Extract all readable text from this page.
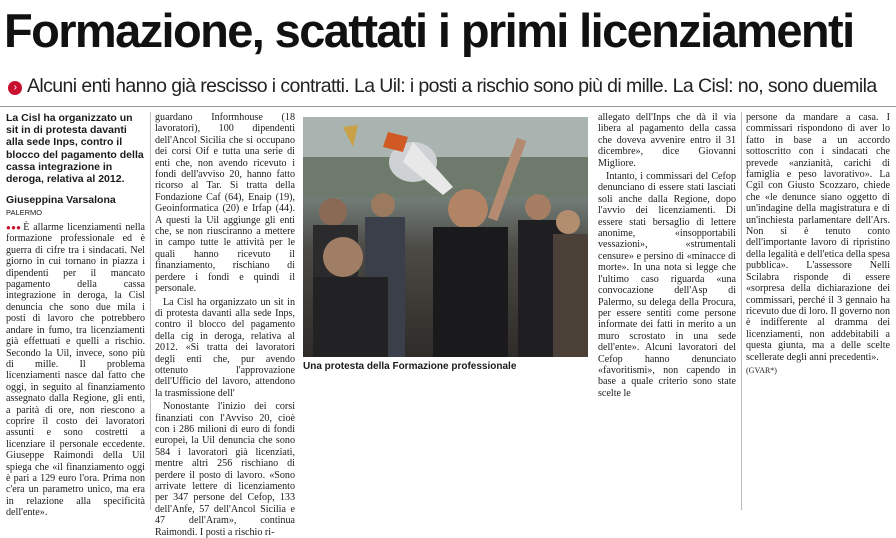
Formazione, scattati i primi licenziamenti
› Alcuni enti hanno già rescisso i contratti. La Uil: i posti a rischio sono più di mille. La Cisl: no, sono duemila
La Cisl ha organizzato un sit in di protesta davanti alla sede Inps, contro il blocco del pagamento della cassa integrazione in deroga, relativa al 2012.
Giuseppina Varsalona
PALERMO

●●● È allarme licenziamenti nella formazione professionale ed è guerra di cifre tra i sindacati. Nel giorno in cui tornano in piazza i dipendenti per il mancato pagamento della cassa integrazione in deroga, la Cisl denuncia che sono due mila i posti di lavoro che potrebbero andare in fumo, tra licenziamenti già effettuati e quelli a rischio. Secondo la Uil, invece, sono più di mille. Il problema licenziamenti nasce dal fatto che oggi, in seguito al finanziamento assegnato dalla Regione, gli enti, a parità di ore, non riescono a coprire il costo dei lavoratori assunti e sono costretti a licenziare il personale eccedente. Giuseppe Raimondi della Uil spiega che «il finanziamento oggi è pari a 129 euro l'ora. Prima non c'era un parametro unico, ma era in relazione alla specificità dell'ente».

guardano Informhouse (18 lavoratori), 100 dipendenti dell'Ancol Sicilia che si occupano dei corsi Oif e tutta una serie di enti che, non avendo ricevuto i fondi dell'avviso 20, hanno fatto ricorso al Tar. Si tratta della Fondazione Caf (64), Enaip (19), Geoinformatica (20) e Irfap (44). A questi la Uil aggiunge gli enti che, se non riusciranno a mettere in campo tutte le attività per le quali hanno ricevuto il finanziamento, rischiano di perdere i fondi e quindi il personale.

La Cisl ha organizzato un sit in di protesta davanti alla sede Inps, contro il blocco del pagamento della cig in deroga, relativa al 2012. «Si tratta dei lavoratori degli enti che, pur avendo ottenuto l'approvazione dell'Ufficio del lavoro, attendono la trasmissione dell'

Nonostante l'inizio dei corsi finanziati con l'Avviso 20, cioè con i 286 milioni di euro di fondi europei, la Uil denuncia che sono 584 i lavoratori già licenziati, mentre altri 256 rischiano di perdere il posto di lavoro. «Sono arrivate lettere di licenziamento per 347 persone del Cefop, 133 dell'Anfe, 57 dell'Ancol Sicilia e 47 dell'Aram», continua Raimondi. I posti a rischio ri-

Una protesta della Formazione professionale

allegato dell'Inps che dà il via libera al pagamento della cassa che doveva avvenire entro il 31 dicembre», dice Giovanni Migliore.

Intanto, i commissari del Cefop denunciano di essere stati lasciati soli anche dalla Regione, dopo l'avvio dei licenziamenti. Di essere stati bersaglio di lettere anonime, «insopportabili vessazioni», «strumentali censure» e persino di «minacce di morte». In una nota si legge che l'ultimo caso riguarda «una convocazione dell'Asp di Palermo, su delega della Procura, per essere sentiti come persone informate dei fatti in merito a un muro scrostato in una sede dell'ente». Alcuni lavoratori del Cefop hanno denunciato «favoritismi», non capendo in base a quale criterio sono state scelte le

persone da mandare a casa. I commissari rispondono di aver lo fatto in base a un accordo sottoscritto con i sindacati che prevede «anzianità, carichi di famiglia e peso lavorativo». La Cgil con Giusto Scozzaro, chiede che «le denunce siano oggetto di un'indagine della magistratura e di un'inchiesta parlamentare dell'Ars. Non si è tenuto conto dell'importante lavoro di ripristino della legalità e dell'etica della spesa pubblica». L'assessore Nelli Scilabra risponde di essere «sorpresa della dichiarazione dei commissari, perché il 3 gennaio ha ricevuto due di loro. Il governo non è indifferente al dramma dei licenziamenti, non addebitabili a questa giunta, ma a delle scelte scellerate degli anni precedenti».

(GVAR*)
